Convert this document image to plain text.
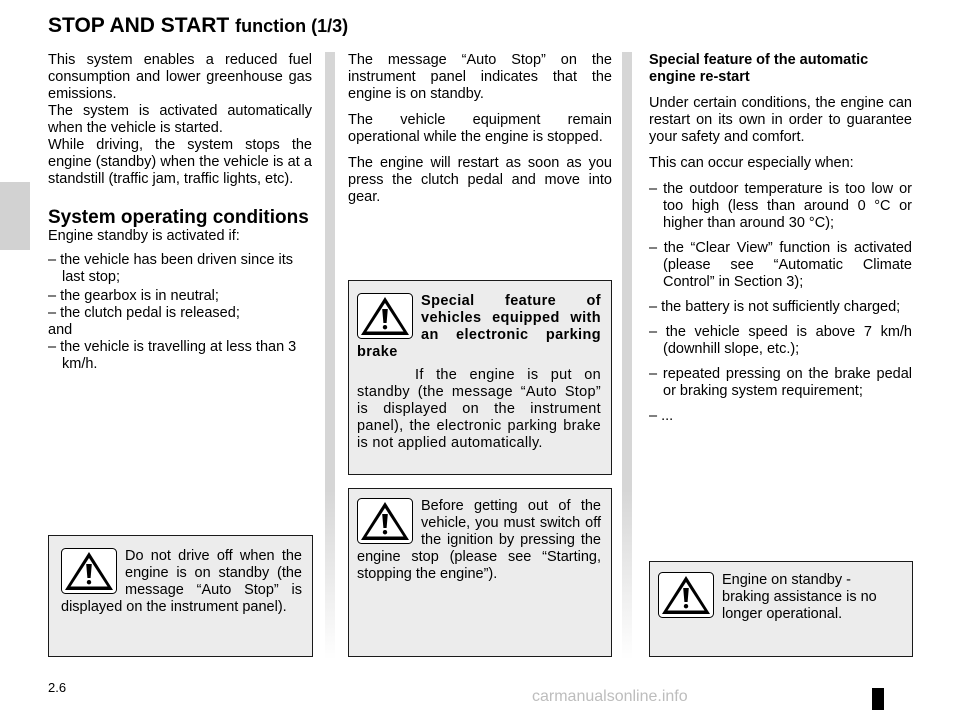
STOP AND START function (1/3)

This system enables a reduced fuel consumption and lower greenhouse gas emissions.

The system is activated automatically when the vehicle is started.

While driving, the system stops the engine (standby) when the vehicle is at a standstill (traffic jam, traffic lights, etc).

System operating conditions

Engine standby is activated if:

– the vehicle has been driven since its last stop;
– the gearbox is in neutral;
– the clutch pedal is released;

and

– the vehicle is travelling at less than 3 km/h.

The message “Auto Stop” on the instrument panel indicates that the engine is on standby.

The vehicle equipment remain operational while the engine is stopped.

The engine will restart as soon as you press the clutch pedal and move into gear.

Special feature of the automatic engine re-start

Under certain conditions, the engine can restart on its own in order to guarantee your safety and comfort.

This can occur especially when:

– the outdoor temperature is too low or too high (less than around 0 °C or higher than around 30 °C);
– the “Clear View” function is activated (please see “Automatic Climate Control” in Section 3);
– the battery is not sufficiently charged;
– the vehicle speed is above 7 km/h (downhill slope, etc.);
– repeated pressing on the brake pedal or braking system requirement;
– ...

Do not drive off when the engine is on standby (the message “Auto Stop” is displayed on the instrument panel).

Special feature of vehicles equipped with an electronic parking brake

If the engine is put on standby (the message “Auto Stop” is displayed on the instrument panel), the electronic parking brake is not applied automatically.

Before getting out of the vehicle, you must switch off the ignition by pressing the engine stop (please see “Starting, stopping the engine”).	Engine on standby - braking assistance is no longer operational.

2.6
carmanualsonline.info
